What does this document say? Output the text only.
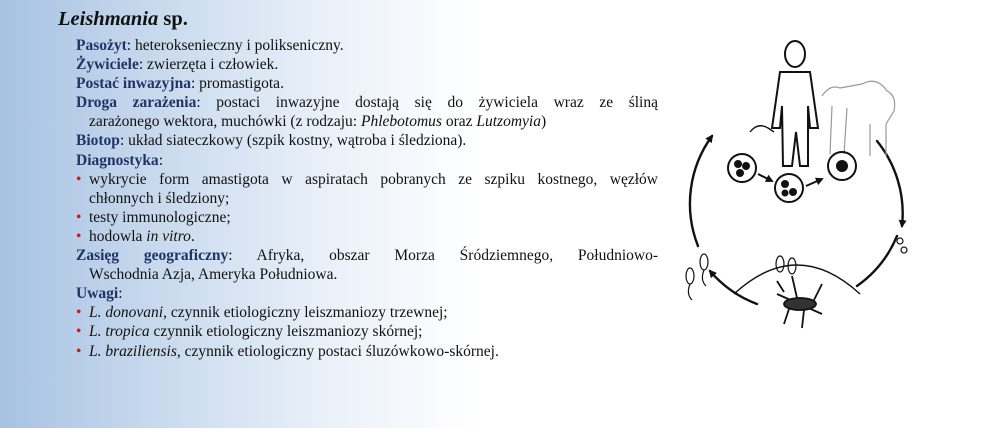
Leishmania sp.
Pasożyt: heteroksenieczny i polikseniczny.
Żywiciele: zwierzęta i człowiek.
Postać inwazyjna: promastigota.
Droga zarażenia: postaci inwazyjne dostają się do żywiciela wraz ze śliną
zarażonego wektora, muchówki (z rodzaju: Phlebotomus oraz Lutzomyia)
Biotop: układ siateczkowy (szpik kostny, wątroba i śledziona).
Diagnostyka:
• wykrycie form amastigota w aspiratach pobranych ze szpiku kostnego, węzłów
chłonnych i śledziony;
• testy immunologiczne;
• hodowla in vitro.
Zasięg geograficzny: Afryka, obszar Morza Śródziemnego, Południowo-
Wschodnia Azja, Ameryka Południowa.
Uwagi:
• L. donovani, czynnik etiologiczny leiszmaniozy trzewnej;
• L. tropica czynnik etiologiczny leiszmaniozy skórnej;
• L. braziliensis, czynnik etiologiczny postaci śluzówkowo-skórnej.
